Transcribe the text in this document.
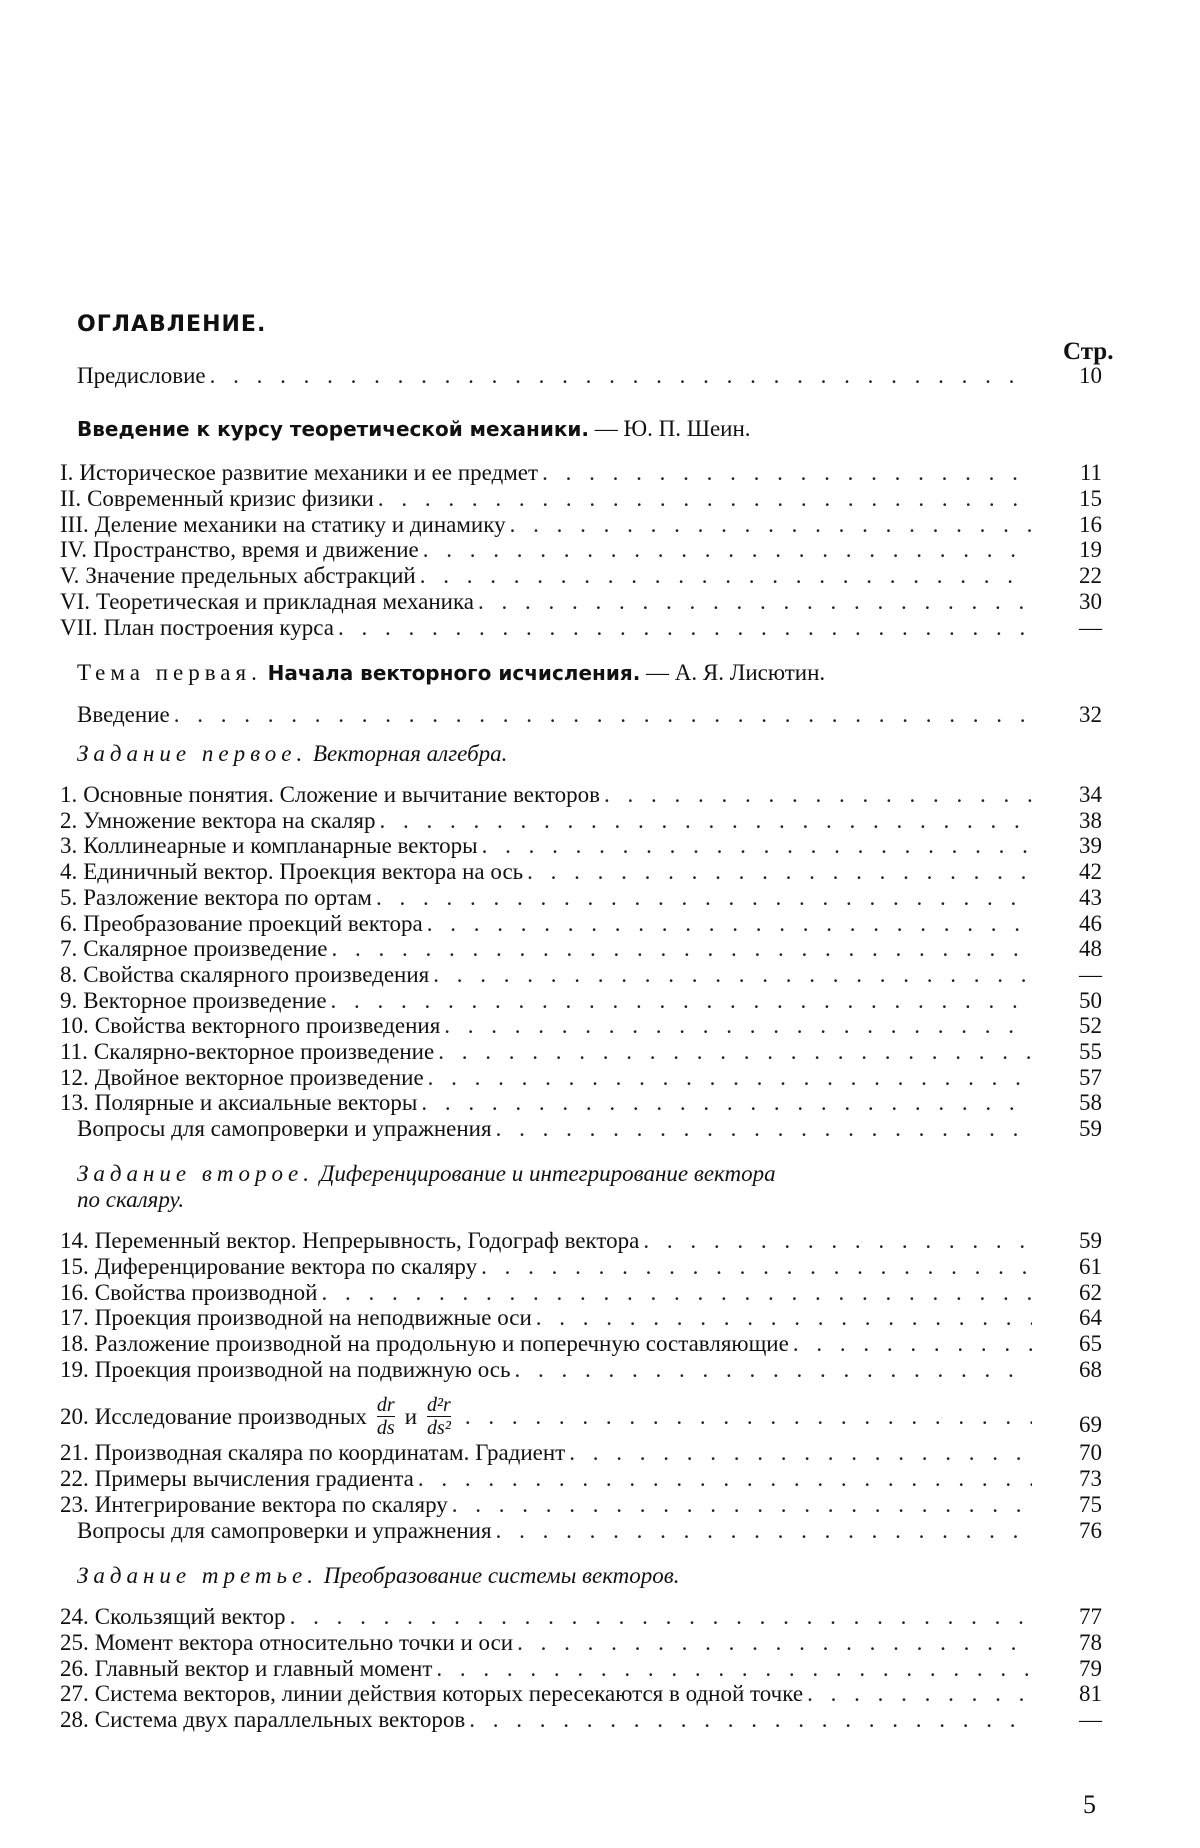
ОГЛАВЛЕНИЕ.
Стр.
Предисловие . . .	10
Введение к курсу теоретической механики. — Ю. П. Шеин.
I. Историческое развитие механики и ее предмет . . .	11
II. Современный кризис физики . . .	15
III. Деление механики на статику и динамику . . .	16
IV. Пространство, время и движение . . .	19
V. Значение предельных абстракций . . .	22
VI. Теоретическая и прикладная механика . . .	30
VII. План построения курса . . .	—
Тема первая. Начала векторного исчисления. — А. Я. Лисютин.
Введение . . .	32
Задание первое. Векторная алгебра.
1. Основные понятия. Сложение и вычитание векторов . . .	34
2. Умножение вектора на скаляр . . .	38
3. Коллинеарные и компланарные векторы . . .	39
4. Единичный вектор. Проекция вектора на ось . . .	42
5. Разложение вектора по ортам . . .	43
6. Преобразование проекций вектора . . .	46
7. Скалярное произведение . . .	48
8. Свойства скалярного произведения . . .	—
9. Векторное произведение . . .	50
10. Свойства векторного произведения . . .	52
11. Скалярно-векторное произведение . . .	55
12. Двойное векторное произведение . . .	57
13. Полярные и аксиальные векторы . . .	58
Вопросы для самопроверки и упражнения . . .	59
Задание второе. Диференцирование и интегрирование вектора
по скаляру.
14. Переменный вектор. Непрерывность, Годограф вектора . . .	59
15. Диференцирование вектора по скаляру . . .	61
16. Свойства производной . . .	62
17. Проекция производной на неподвижные оси . . .	64
18. Разложение производной на продольную и поперечную составляющие . . .	65
19. Проекция производной на подвижную ось . . .	68
20. Исследование производных $\frac{dr}{ds}$ и $\frac{\text{d²r}}{\text{ds²}}$ . . .	69
21. Производная скаляра по координатам. Градиент . . .	70
22. Примеры вычисления градиента . . .	73
23. Интегрирование вектора по скаляру . . .	75
Вопросы для самопроверки и упражнения . . .	76
Задание третье. Преобразование системы векторов.
24. Скользящий вектор . . .	77
25. Момент вектора относительно точки и оси . . .	78
26. Главный вектор и главный момент . . .	79
27. Система векторов, линии действия которых пересекаются в одной точке . . .	81
28. Система двух параллельных векторов . . .	—
5
